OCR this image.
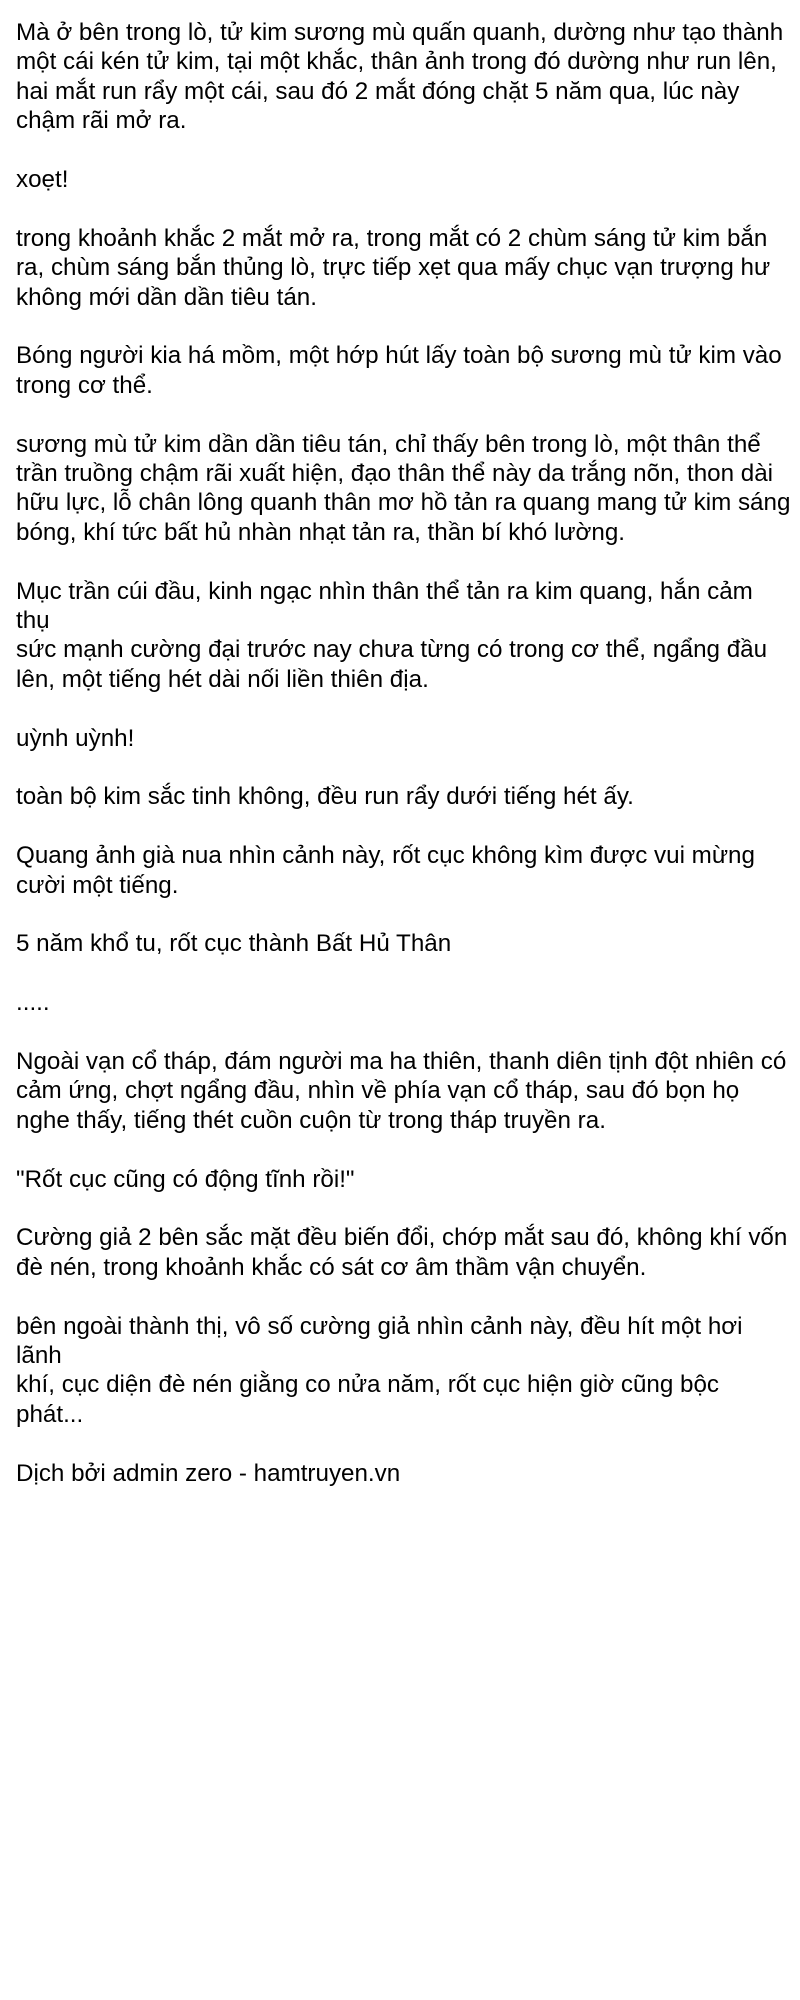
Mà ở bên trong lò, tử kim sương mù quấn quanh, dường như tạo thành
một cái kén tử kim, tại một khắc, thân ảnh trong đó dường như run lên,
hai mắt run rẩy một cái, sau đó 2 mắt đóng chặt 5 năm qua, lúc này
chậm rãi mở ra.

xoẹt!

trong khoảnh khắc 2 mắt mở ra, trong mắt có 2 chùm sáng tử kim bắn
ra, chùm sáng bắn thủng lò, trực tiếp xẹt qua mấy chục vạn trượng hư
không mới dần dần tiêu tán.

Bóng người kia há mồm, một hớp hút lấy toàn bộ sương mù tử kim vào
trong cơ thể.

sương mù tử kim dần dần tiêu tán, chỉ thấy bên trong lò, một thân thể
trần truồng chậm rãi xuất hiện, đạo thân thể này da trắng nõn, thon dài
hữu lực, lỗ chân lông quanh thân mơ hồ tản ra quang mang tử kim sáng
bóng, khí tức bất hủ nhàn nhạt tản ra, thần bí khó lường.

Mục trần cúi đầu, kinh ngạc nhìn thân thể tản ra kim quang, hắn cảm thụ
sức mạnh cường đại trước nay chưa từng có trong cơ thể, ngẩng đầu
lên, một tiếng hét dài nối liền thiên địa.

uỳnh uỳnh!

toàn bộ kim sắc tinh không, đều run rẩy dưới tiếng hét ấy.

Quang ảnh già nua nhìn cảnh này, rốt cục không kìm được vui mừng
cười một tiếng.

5 năm khổ tu, rốt cục thành Bất Hủ Thân

.....

Ngoài vạn cổ tháp, đám người ma ha thiên, thanh diên tịnh đột nhiên có
cảm ứng, chợt ngẩng đầu, nhìn về phía vạn cổ tháp, sau đó bọn họ
nghe thấy, tiếng thét cuồn cuộn từ trong tháp truyền ra.

"Rốt cục cũng có động tĩnh rồi!"

Cường giả 2 bên sắc mặt đều biến đổi, chớp mắt sau đó, không khí vốn
đè nén, trong khoảnh khắc có sát cơ âm thầm vận chuyển.

bên ngoài thành thị, vô số cường giả nhìn cảnh này, đều hít một hơi lãnh
khí, cục diện đè nén giằng co nửa năm, rốt cục hiện giờ cũng bộc phát...

Dịch bởi admin zero - hamtruyen.vn
